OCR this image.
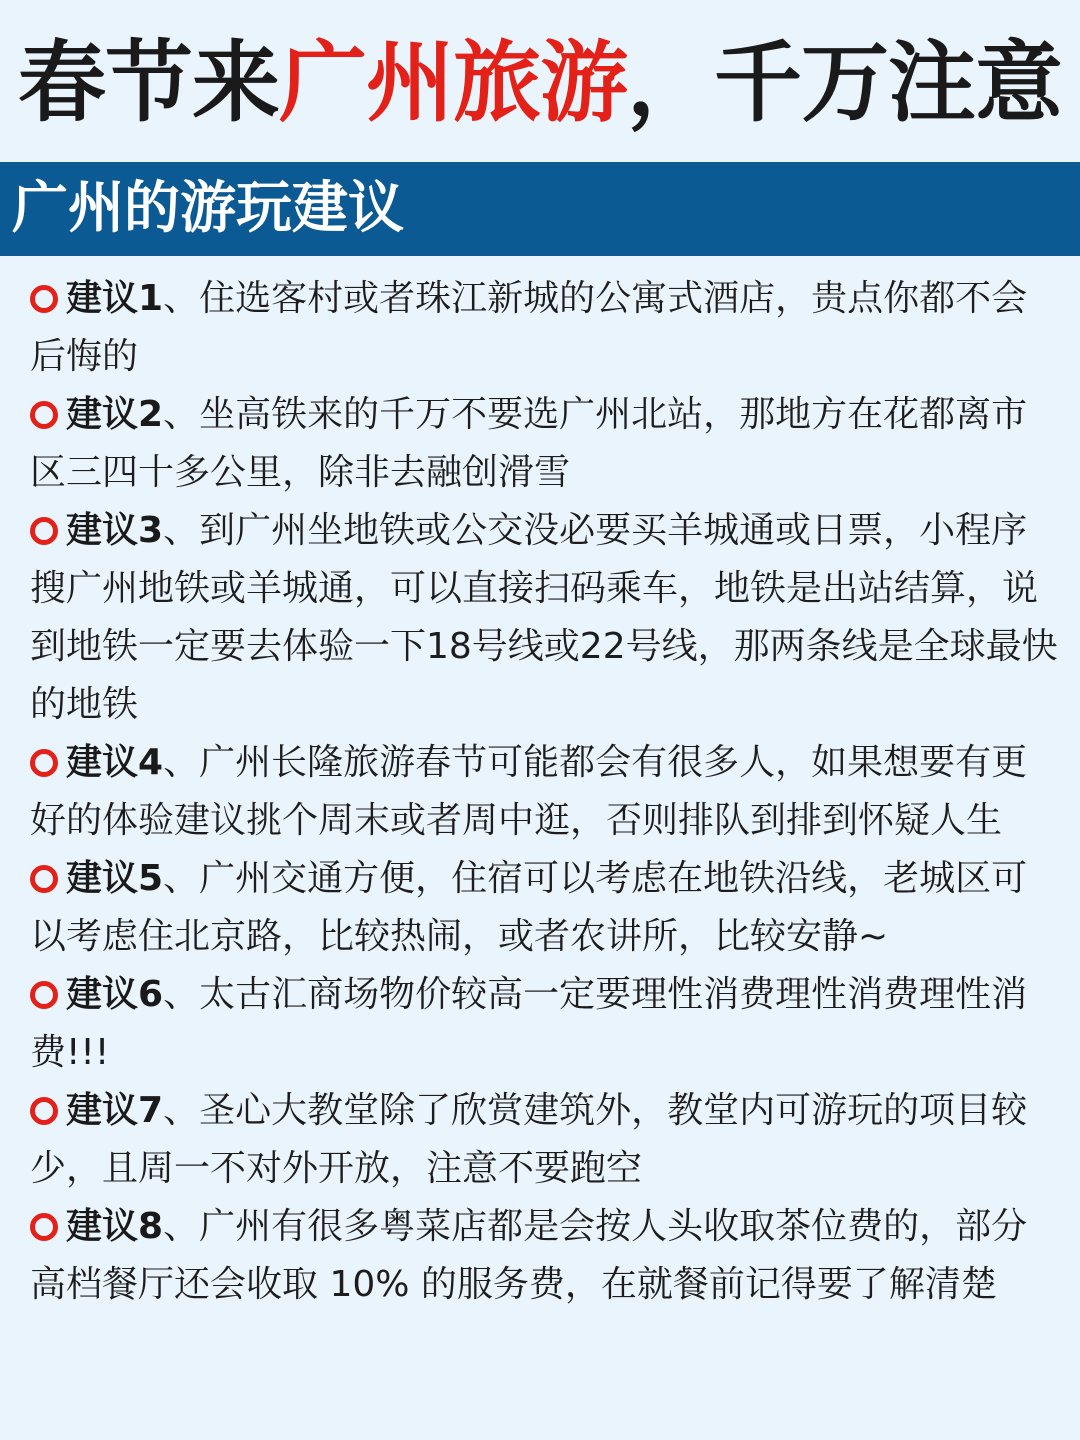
春节来广州旅游，千万注意
广州的游玩建议
建议1、住选客村或者珠江新城的公寓式酒店，贵点你都不会后悔的
建议2、坐高铁来的千万不要选广州北站，那地方在花都离市区三四十多公里，除非去融创滑雪
建议3、到广州坐地铁或公交没必要买羊城通或日票，小程序搜广州地铁或羊城通，可以直接扫码乘车，地铁是出站结算，说到地铁一定要去体验一下18号线或22号线，那两条线是全球最快的地铁
建议4、广州长隆旅游春节可能都会有很多人，如果想要有更好的体验建议挑个周末或者周中逛，否则排队到排到怀疑人生
建议5、广州交通方便，住宿可以考虑在地铁沿线，老城区可以考虑住北京路，比较热闹，或者农讲所，比较安静~
建议6、太古汇商场物价较高一定要理性消费理性消费理性消费!!!
建议7、圣心大教堂除了欣赏建筑外，教堂内可游玩的项目较少，且周一不对外开放，注意不要跑空
建议8、广州有很多粤菜店都是会按人头收取茶位费的，部分高档餐厅还会收取 10% 的服务费，在就餐前记得要了解清楚
